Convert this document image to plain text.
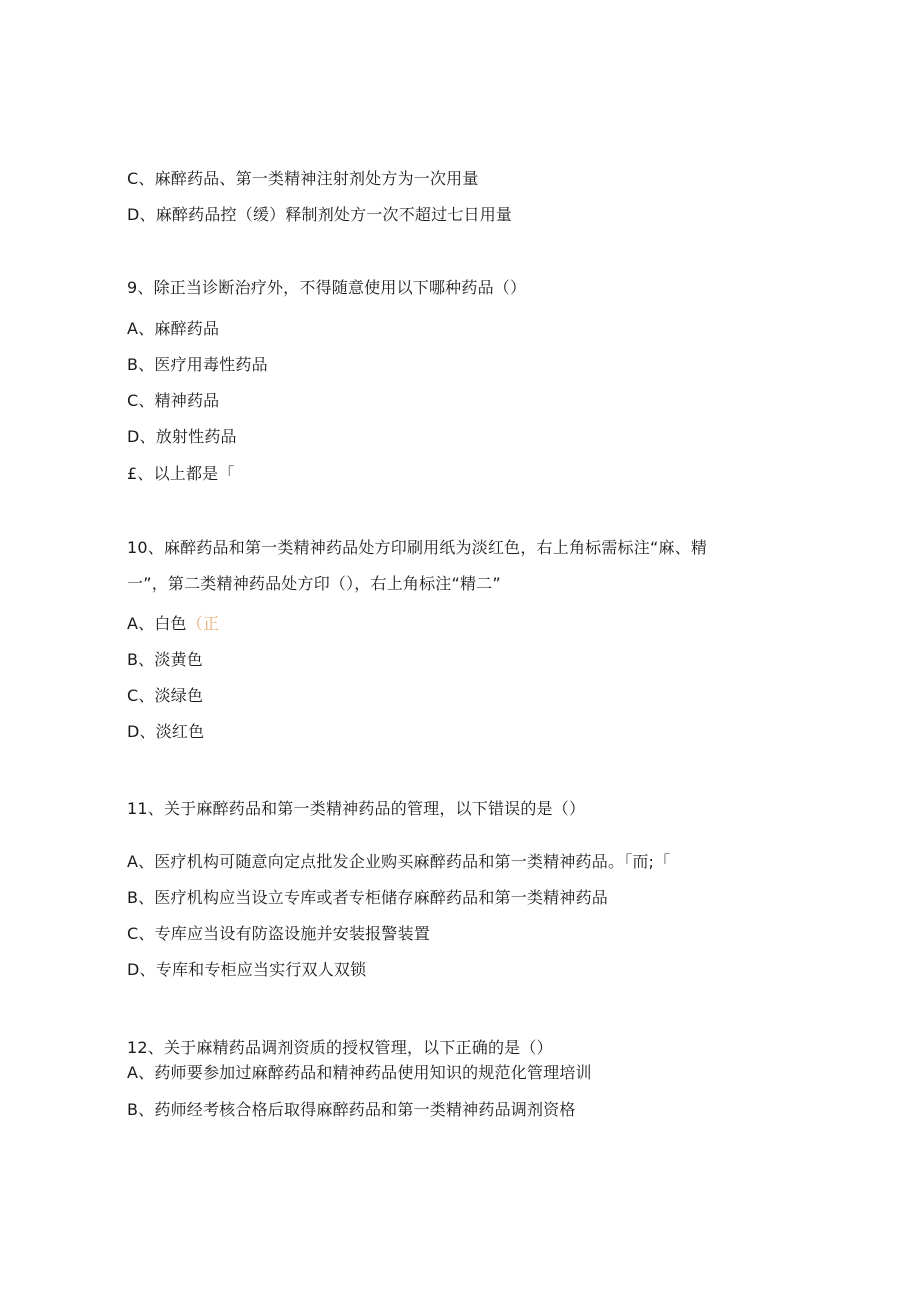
C、麻醉药品、第一类精神注射剂处方为一次用量
D、麻醉药品控（缓）释制剂处方一次不超过七日用量
9、除正当诊断治疗外，不得随意使用以下哪种药品（）
A、麻醉药品
B、医疗用毒性药品
C、精神药品
D、放射性药品
£、以上都是「
10、麻醉药品和第一类精神药品处方印刷用纸为淡红色，右上角标需标注“麻、精
一”，第二类精神药品处方印（），右上角标注“精二”
A、白色（正
B、淡黄色
C、淡绿色
D、淡红色
11、关于麻醉药品和第一类精神药品的管理，以下错误的是（）
A、医疗机构可随意向定点批发企业购买麻醉药品和第一类精神药品。「而;「
B、医疗机构应当设立专库或者专柜储存麻醉药品和第一类精神药品
C、专库应当设有防盗设施并安装报警装置
D、专库和专柜应当实行双人双锁
12、关于麻精药品调剂资质的授权管理，以下正确的是（）
A、药师要参加过麻醉药品和精神药品使用知识的规范化管理培训
B、药师经考核合格后取得麻醉药品和第一类精神药品调剂资格
